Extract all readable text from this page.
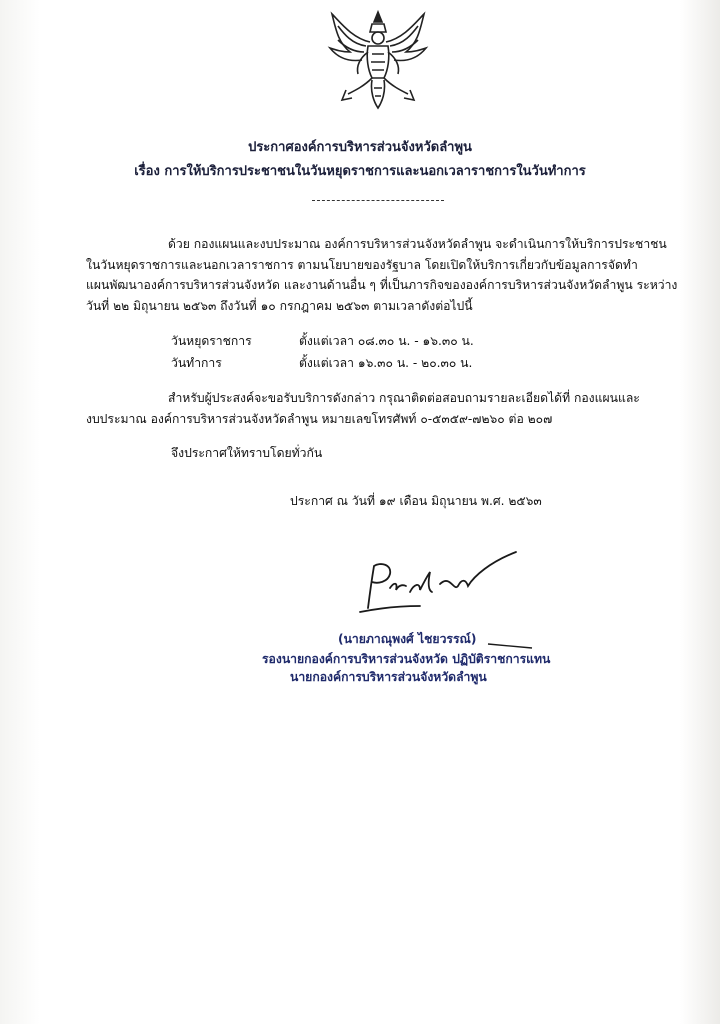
ประกาศองค์การบริหารส่วนจังหวัดลำพูน
เรื่อง การให้บริการประชาชนในวันหยุดราชการและนอกเวลาราชการในวันทำการ
ด้วย กองแผนและงบประมาณ องค์การบริหารส่วนจังหวัดลำพูน จะดำเนินการให้บริการประชาชน
ในวันหยุดราชการและนอกเวลาราชการ ตามนโยบายของรัฐบาล โดยเปิดให้บริการเกี่ยวกับข้อมูลการจัดทำ
แผนพัฒนาองค์การบริหารส่วนจังหวัด และงานด้านอื่น ๆ ที่เป็นภารกิจขององค์การบริหารส่วนจังหวัดลำพูน ระหว่าง
วันที่ ๒๒ มิถุนายน ๒๕๖๓ ถึงวันที่ ๑๐ กรกฎาคม ๒๕๖๓ ตามเวลาดังต่อไปนี้
วันหยุดราชการ	ตั้งแต่เวลา ๐๘.๓๐ น. - ๑๖.๓๐ น.
วันทำการ	ตั้งแต่เวลา ๑๖.๓๐ น. - ๒๐.๓๐ น.
สำหรับผู้ประสงค์จะขอรับบริการดังกล่าว กรุณาติดต่อสอบถามรายละเอียดได้ที่ กองแผนและ
งบประมาณ องค์การบริหารส่วนจังหวัดลำพูน หมายเลขโทรศัพท์ ๐-๕๓๕๙-๗๒๖๐ ต่อ ๒๐๗
จึงประกาศให้ทราบโดยทั่วกัน
ประกาศ ณ วันที่ ๑๙ เดือน มิถุนายน พ.ศ. ๒๕๖๓
(นายภาณุพงศ์ ไชยวรรณ์)
รองนายกองค์การบริหารส่วนจังหวัด ปฏิบัติราชการแทน
นายกองค์การบริหารส่วนจังหวัดลำพูน
